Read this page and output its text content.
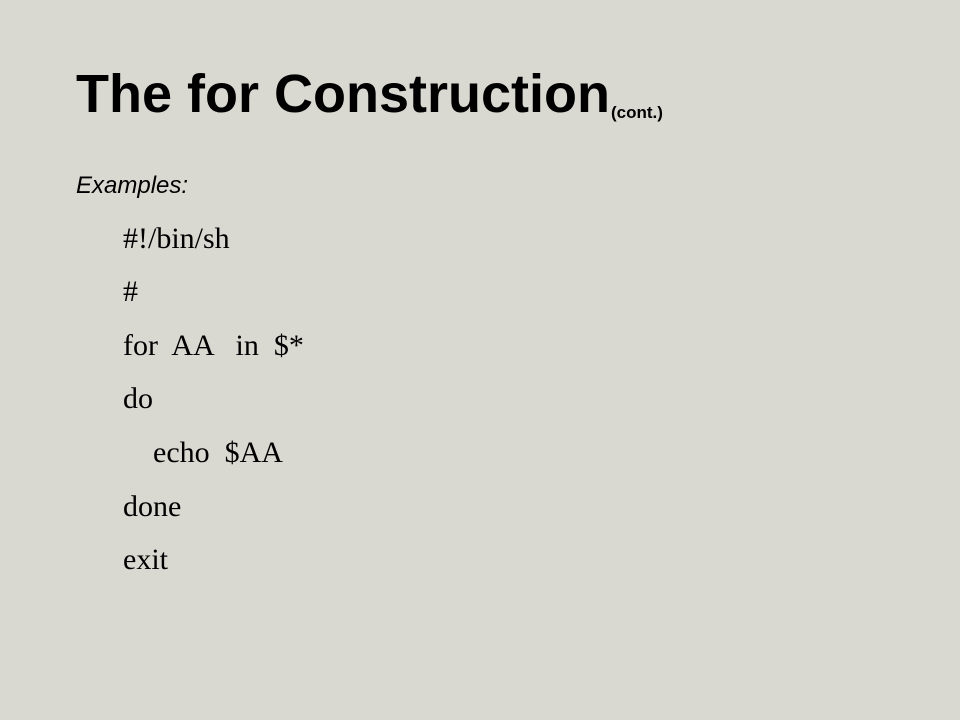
The for Construction(cont.)
Examples:
#!/bin/sh
#
for  AA   in  $*
do
echo  $AA
done
exit
